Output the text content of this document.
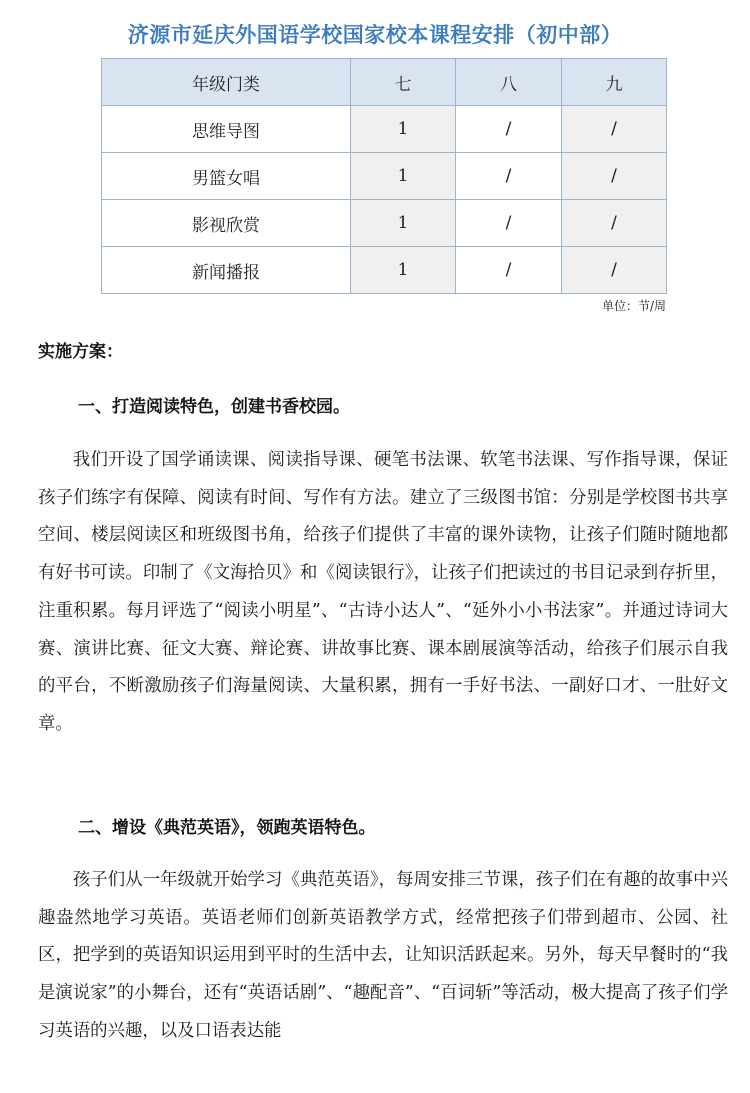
济源市延庆外国语学校国家校本课程安排（初中部）
年级门类	七	八	九
思维导图	1	/	/
男篮女唱	1	/	/
影视欣赏	1	/	/
新闻播报	1	/	/
单位：节/周
实施方案：
一、打造阅读特色，创建书香校园。

我们开设了国学诵读课、阅读指导课、硬笔书法课、软笔书法课、写作指导课，保证孩子们练字有保障、阅读有时间、写作有方法。建立了三级图书馆：分别是学校图书共享空间、楼层阅读区和班级图书角，给孩子们提供了丰富的课外读物，让孩子们随时随地都有好书可读。印制了《文海拾贝》和《阅读银行》，让孩子们把读过的书目记录到存折里，注重积累。每月评选了“阅读小明星”、“古诗小达人”、“延外小小书法家”。并通过诗词大赛、演讲比赛、征文大赛、辩论赛、讲故事比赛、课本剧展演等活动，给孩子们展示自我的平台，不断激励孩子们海量阅读、大量积累，拥有一手好书法、一副好口才、一肚好文章。

二、增设《典范英语》，领跑英语特色。

孩子们从一年级就开始学习《典范英语》，每周安排三节课，孩子们在有趣的故事中兴趣盎然地学习英语。英语老师们创新英语教学方式，经常把孩子们带到超市、公园、社区，把学到的英语知识运用到平时的生活中去，让知识活跃起来。另外，每天早餐时的“我是演说家”的小舞台，还有“英语话剧”、“趣配音”、“百词斩”等活动，极大提高了孩子们学习英语的兴趣，以及口语表达能
